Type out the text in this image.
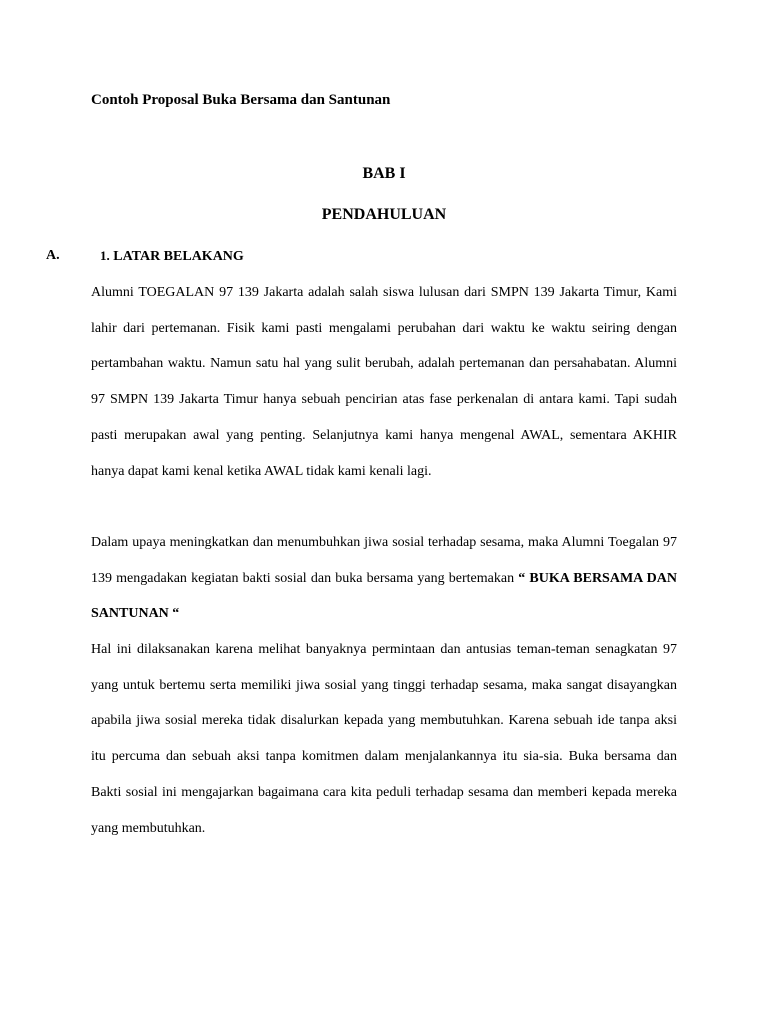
Contoh Proposal Buka Bersama dan Santunan
BAB I
PENDAHULUAN
A.	1. LATAR BELAKANG
Alumni TOEGALAN 97 139 Jakarta adalah salah siswa lulusan dari SMPN 139 Jakarta Timur, Kami lahir dari pertemanan. Fisik kami pasti mengalami perubahan dari waktu ke waktu seiring dengan pertambahan waktu. Namun satu hal yang sulit berubah, adalah pertemanan dan persahabatan. Alumni 97 SMPN 139 Jakarta Timur hanya sebuah pencirian atas fase perkenalan di antara kami. Tapi sudah pasti merupakan awal yang penting. Selanjutnya kami hanya mengenal AWAL, sementara AKHIR hanya dapat kami kenal ketika AWAL tidak kami kenali lagi.
Dalam upaya meningkatkan dan menumbuhkan jiwa sosial terhadap sesama, maka Alumni Toegalan 97 139 mengadakan kegiatan bakti sosial dan buka bersama yang bertemakan “ BUKA BERSAMA DAN SANTUNAN “
Hal ini dilaksanakan karena melihat banyaknya permintaan dan antusias teman-teman senagkatan 97 yang untuk bertemu serta memiliki jiwa sosial yang tinggi terhadap sesama, maka sangat disayangkan apabila jiwa sosial mereka tidak disalurkan kepada yang membutuhkan. Karena sebuah ide tanpa aksi itu percuma dan sebuah aksi tanpa komitmen dalam menjalankannya itu sia-sia. Buka bersama dan Bakti sosial ini mengajarkan bagaimana cara kita peduli terhadap sesama dan memberi kepada mereka yang membutuhkan.
